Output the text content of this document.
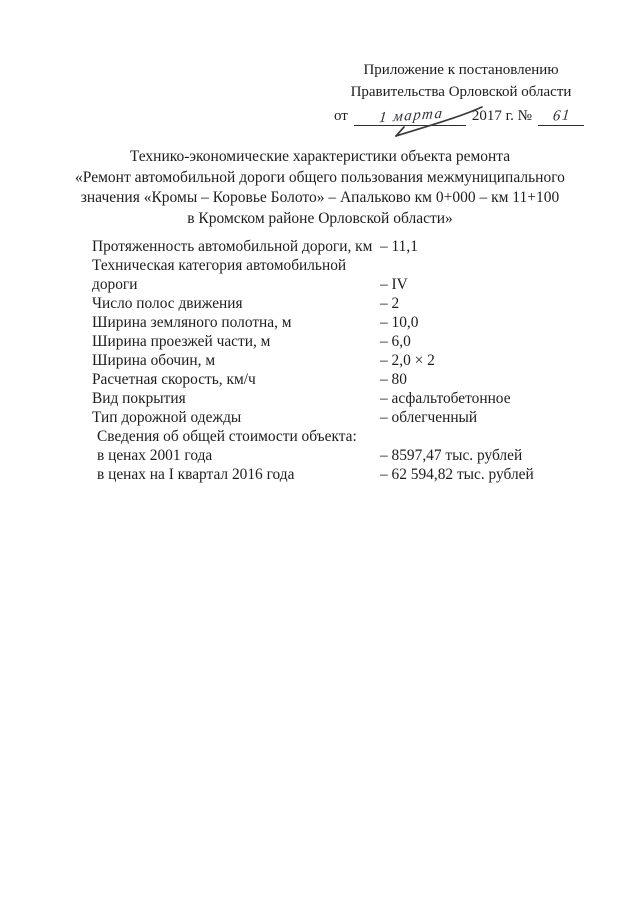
Приложение к постановлению
Правительства Орловской области
от	1 марта	2017 г. №	61
Технико-экономические характеристики объекта ремонта
«Ремонт автомобильной дороги общего пользования межмуниципального
значения «Кромы – Коровье Болото» – Апальково км 0+000 – км 11+100
в Кромском районе Орловской области»
Протяженность автомобильной дороги, км – 11,1
Техническая категория автомобильной
дороги	– IV
Число полос движения	– 2
Ширина земляного полотна, м	– 10,0
Ширина проезжей части, м	– 6,0
Ширина обочин, м	– 2,0 × 2
Расчетная скорость, км/ч	– 80
Вид покрытия	– асфальтобетонное
Тип дорожной одежды	– облегченный
Сведения об общей стоимости объекта:
в ценах 2001 года	– 8597,47 тыс. рублей
в ценах на I квартал 2016 года	– 62 594,82 тыс. рублей
